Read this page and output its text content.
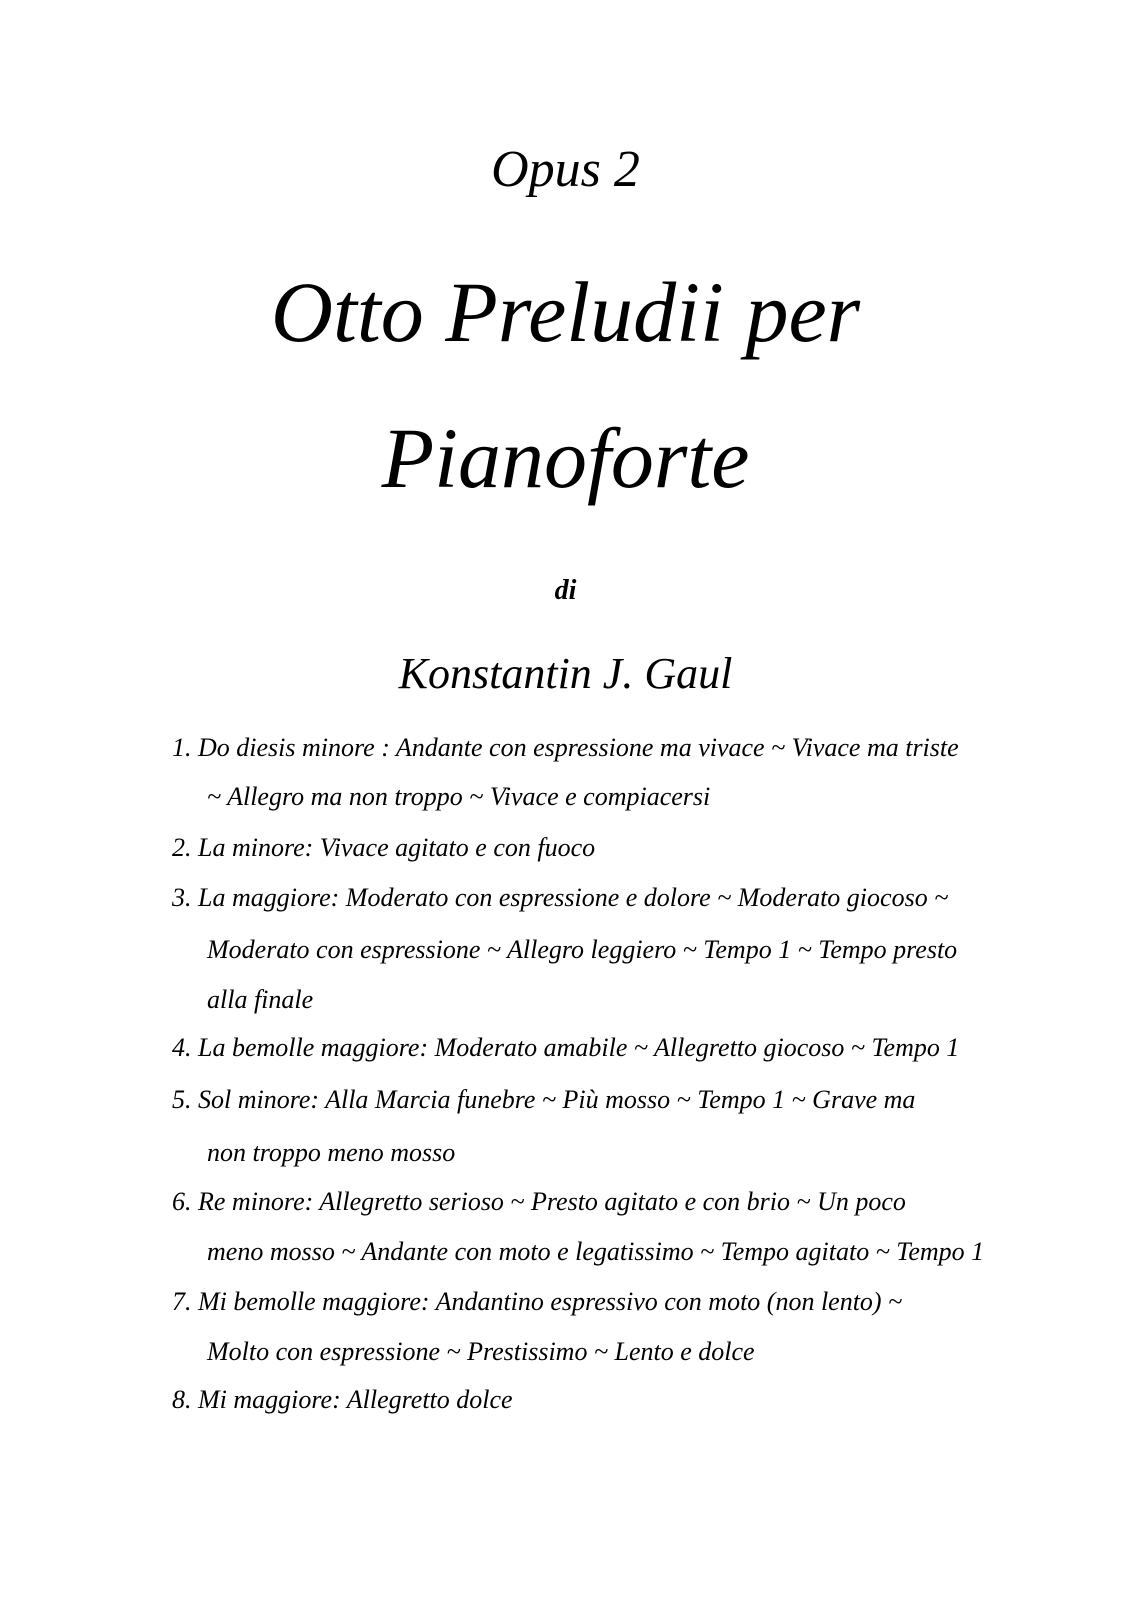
Opus 2
Otto Preludii per
Pianoforte
di
Konstantin J. Gaul
1. Do diesis minore : Andante con espressione ma vivace ~ Vivace ma triste
~ Allegro ma non troppo ~ Vivace e compiacersi
2. La minore: Vivace agitato e con fuoco
3. La maggiore: Moderato con espressione e dolore ~ Moderato giocoso ~
Moderato con espressione ~ Allegro leggiero ~ Tempo 1 ~ Tempo presto
alla finale
4. La bemolle maggiore: Moderato amabile ~ Allegretto giocoso ~ Tempo 1
5. Sol minore: Alla Marcia funebre ~ Più mosso ~ Tempo 1 ~ Grave ma
non troppo meno mosso
6. Re minore: Allegretto serioso ~ Presto agitato e con brio ~ Un poco
meno mosso ~ Andante con moto e legatissimo ~ Tempo agitato ~ Tempo 1
7. Mi bemolle maggiore: Andantino espressivo con moto (non lento) ~
Molto con espressione ~ Prestissimo ~ Lento e dolce
8. Mi maggiore: Allegretto dolce
